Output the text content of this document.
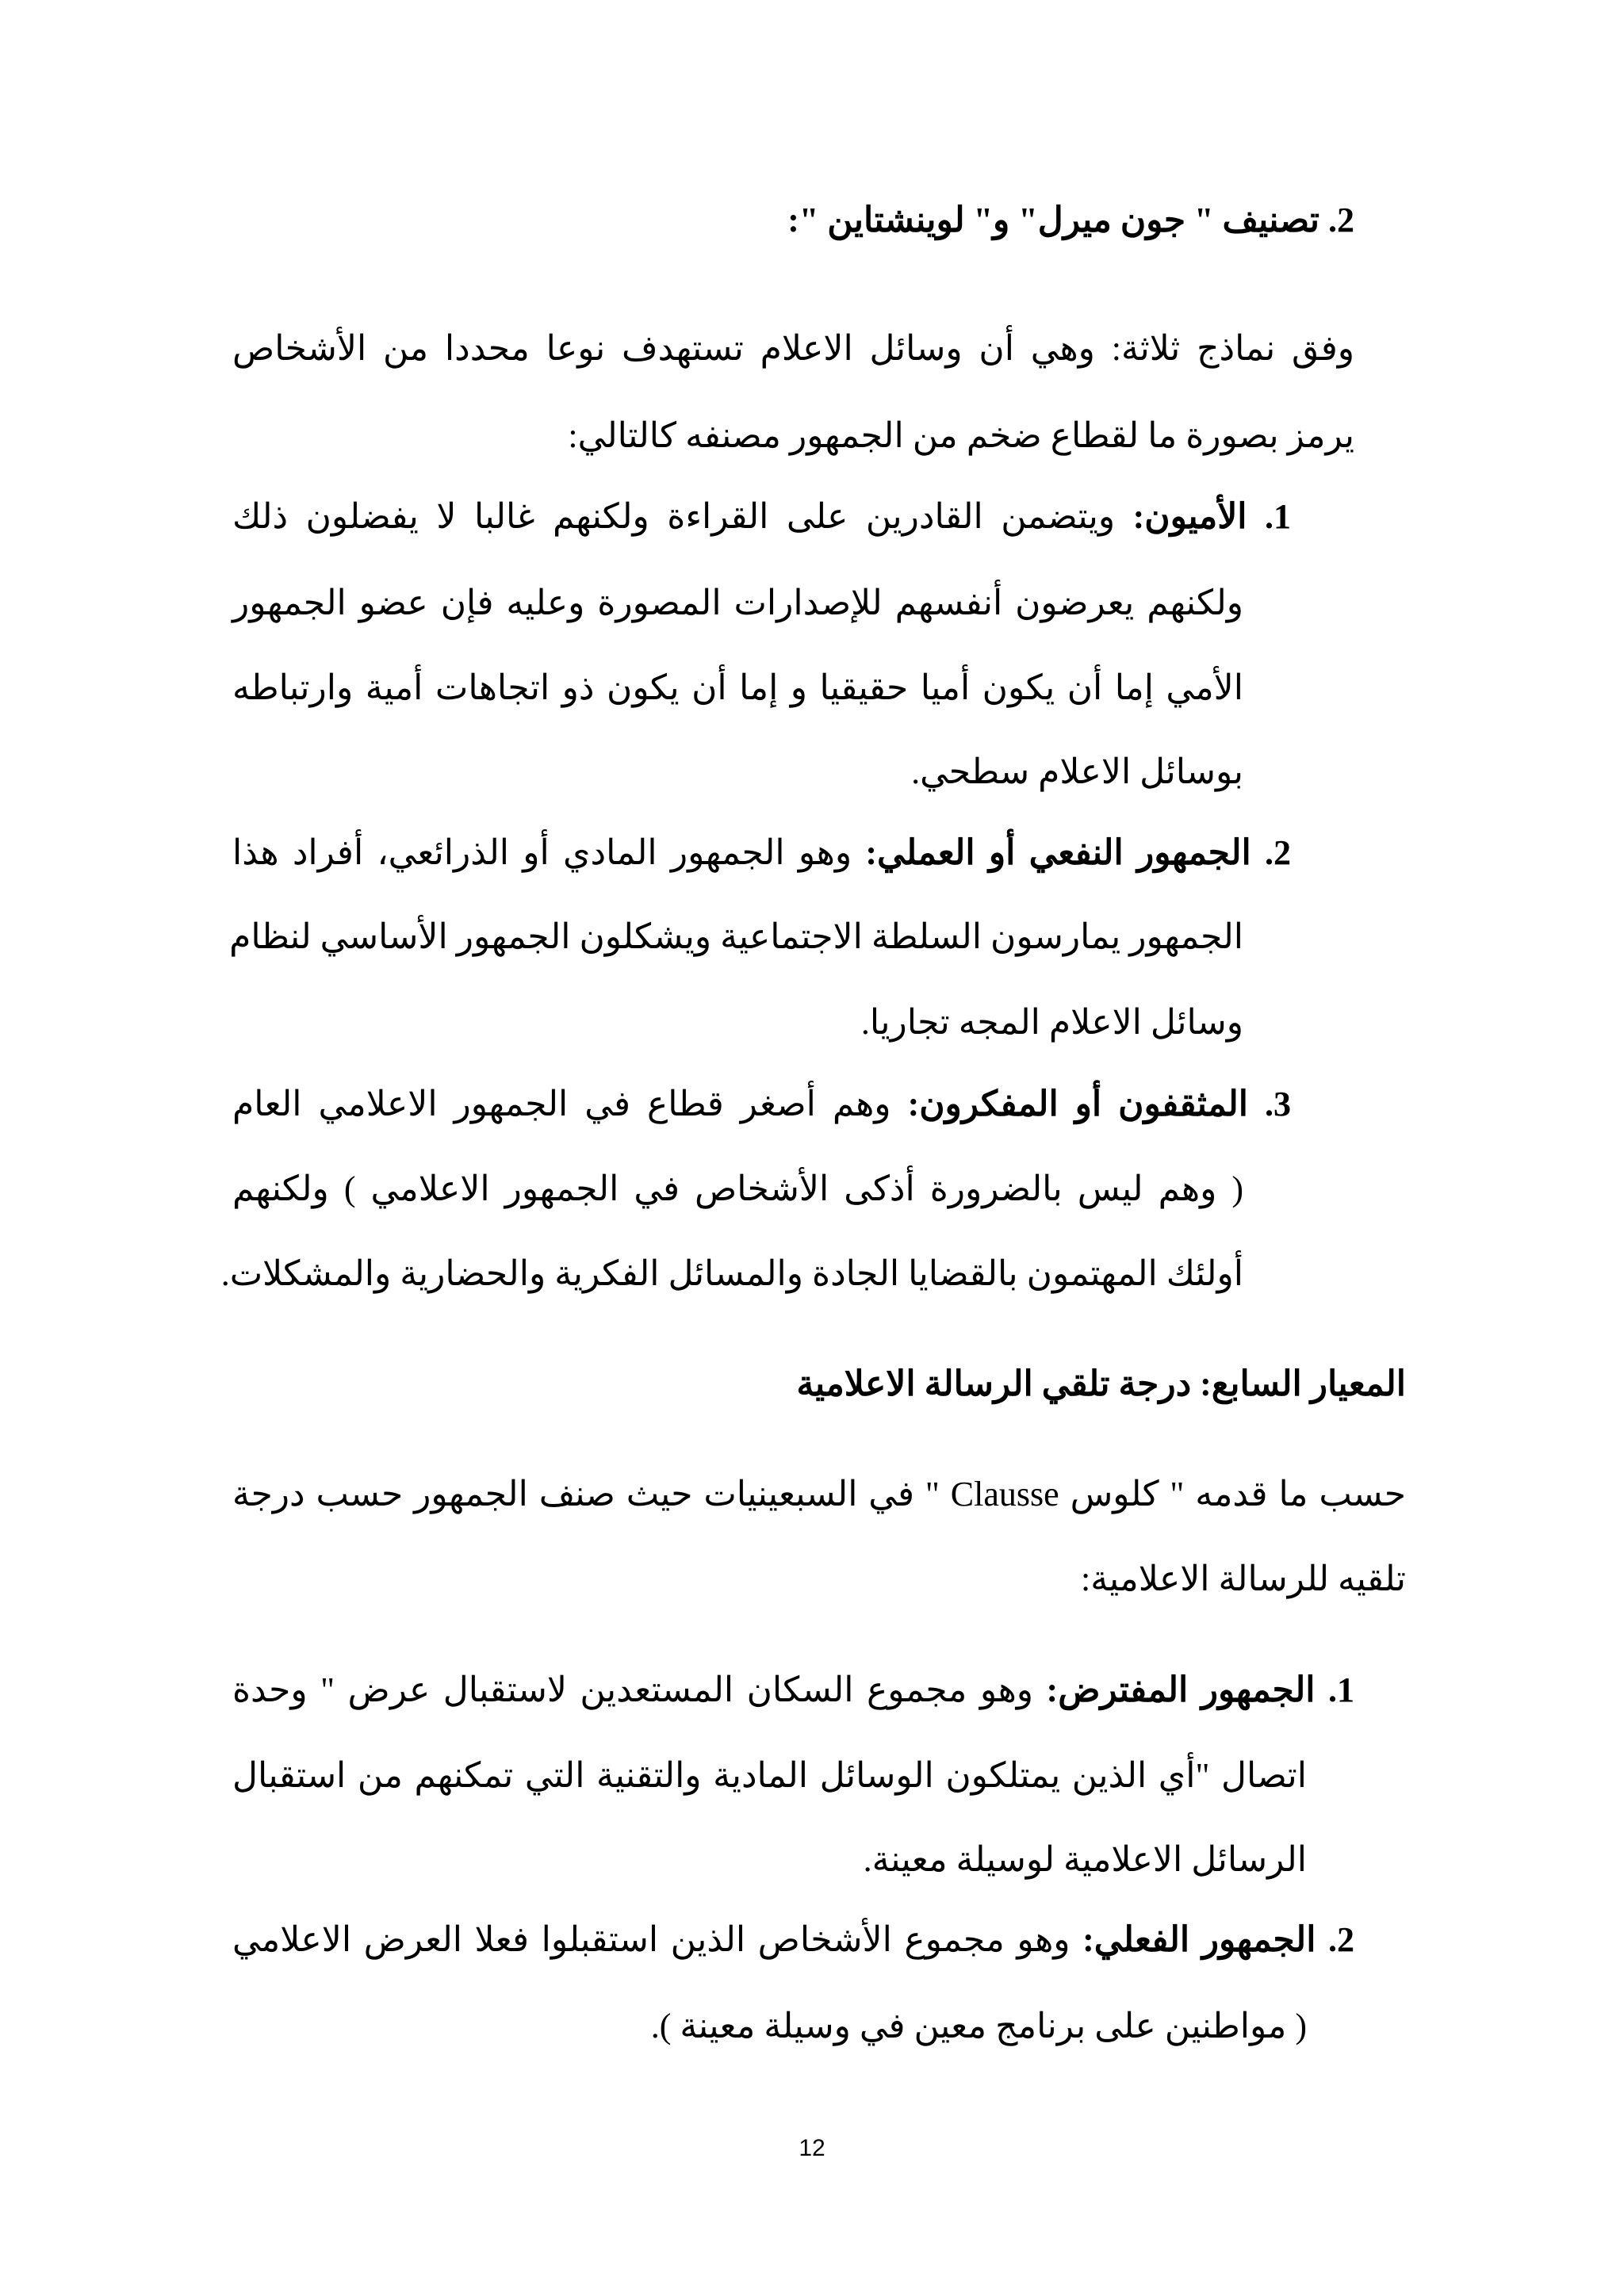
2. تصنيف " جون ميرل" و" لوينشتاين ":
وفق نماذج ثلاثة: وهي أن وسائل الاعلام تستهدف نوعا محددا من الأشخاص
يرمز بصورة ما لقطاع ضخم من الجمهور مصنفه كالتالي:
1. الأميون: ويتضمن القادرين على القراءة ولكنهم غالبا لا يفضلون ذلك
ولكنهم يعرضون أنفسهم للإصدارات المصورة وعليه فإن عضو الجمهور
الأمي إما أن يكون أميا حقيقيا و إما أن يكون ذو اتجاهات أمية وارتباطه
بوسائل الاعلام سطحي.
2. الجمهور النفعي أو العملي: وهو الجمهور المادي أو الذرائعي، أفراد هذا
الجمهور يمارسون السلطة الاجتماعية ويشكلون الجمهور الأساسي لنظام
وسائل الاعلام المجه تجاريا.
3. المثقفون أو المفكرون: وهم أصغر قطاع في الجمهور الاعلامي العام
( وهم ليس بالضرورة أذكى الأشخاص في الجمهور الاعلامي ) ولكنهم
أولئك المهتمون بالقضايا الجادة والمسائل الفكرية والحضارية والمشكلات.
المعيار السابع: درجة تلقي الرسالة الاعلامية
حسب ما قدمه " كلوس Clausse " في السبعينيات حيث صنف الجمهور حسب درجة
تلقيه للرسالة الاعلامية:
1. الجمهور المفترض: وهو مجموع السكان المستعدين لاستقبال عرض " وحدة
اتصال "أي الذين يمتلكون الوسائل المادية والتقنية التي تمكنهم من استقبال
الرسائل الاعلامية لوسيلة معينة.
2. الجمهور الفعلي: وهو مجموع الأشخاص الذين استقبلوا فعلا العرض الاعلامي
( مواطنين على برنامج معين في وسيلة معينة ).
12
